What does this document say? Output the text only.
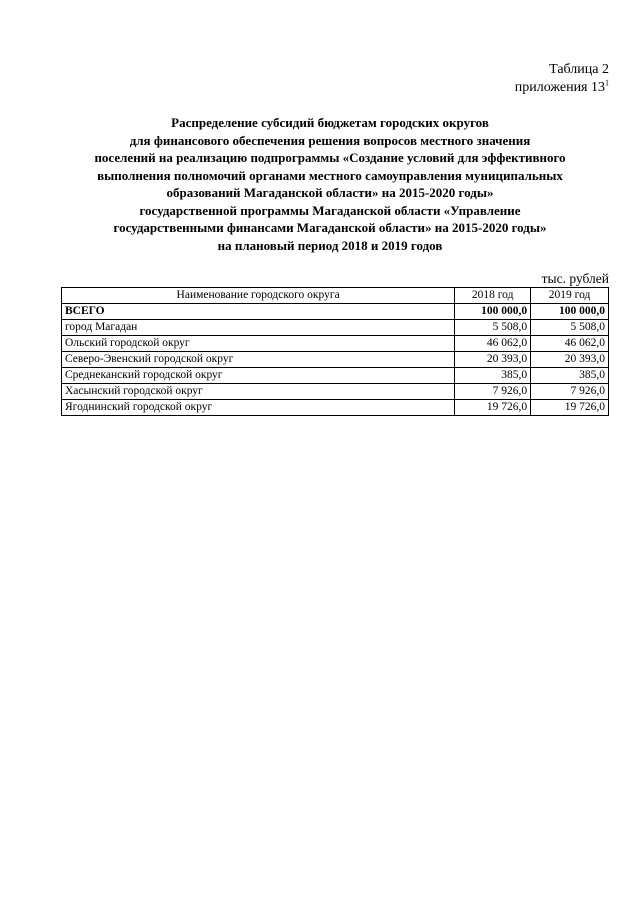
Таблица 2
приложения $13^1$
Распределение субсидий бюджетам городских округов
для финансового обеспечения решения вопросов местного значения
поселений на реализацию подпрограммы «Создание условий для эффективного
выполнения полномочий органами местного самоуправления муниципальных
образований Магаданской области» на 2015-2020 годы»
государственной программы Магаданской области «Управление
государственными финансами Магаданской области» на 2015-2020 годы»
на плановый период 2018 и 2019 годов
тыс. рублей
Наименование городского округа	2018 год	2019 год
ВСЕГО	100 000,0	100 000,0
город Магадан	5 508,0	5 508,0
Ольский городской округ	46 062,0	46 062,0
Северо-Эвенский городской округ	20 393,0	20 393,0
Среднеканский городской округ	385,0	385,0
Хасынский городской округ	7 926,0	7 926,0
Ягоднинский городской округ	19 726,0	19 726,0
